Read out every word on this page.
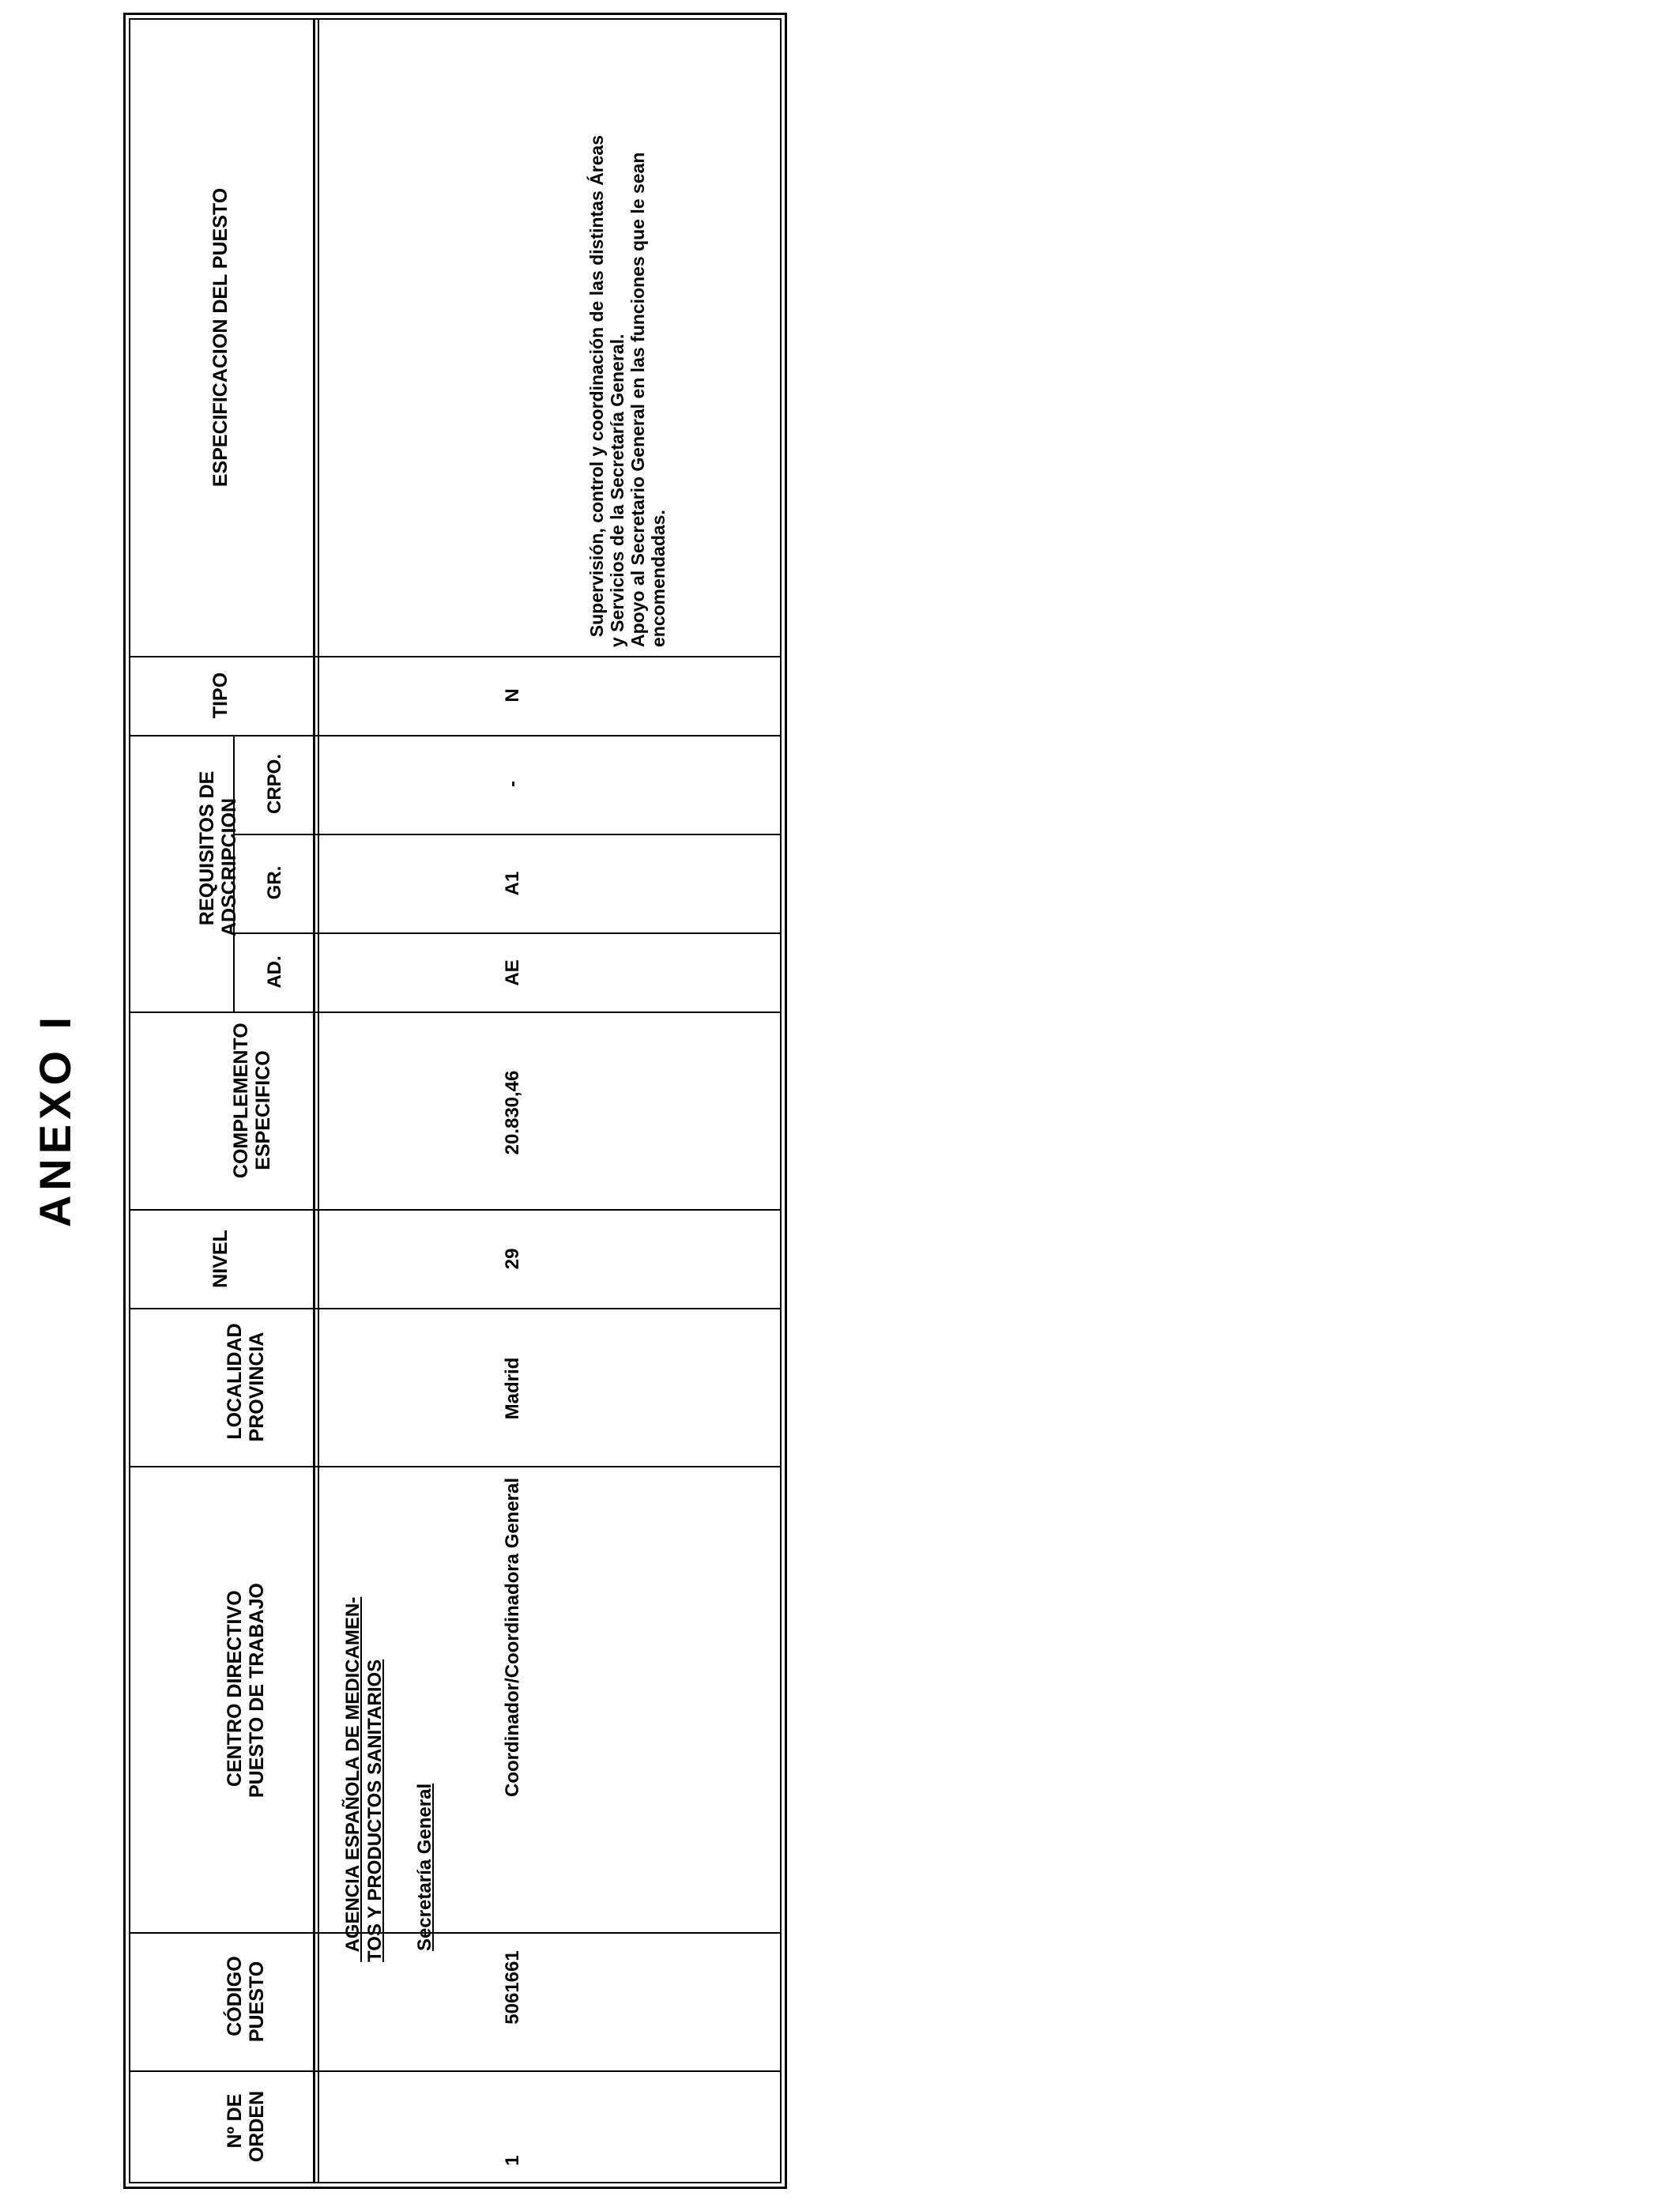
ANEXO I
ESPECIFICACION DEL PUESTO
TIPO

REQUISITOS DE
ADSCRIPCION

CRPO.
GR.
AD.

COMPLEMENTO
ESPECIFICO

NIVEL

LOCALIDAD
PROVINCIA

CENTRO DIRECTIVO
PUESTO DE TRABAJO

CÓDIGO
PUESTO

Nº DE
ORDEN

AGENCIA ESPAÑOLA DE MEDICAMEN-
TOS Y PRODUCTOS SANITARIOS

Secretaría General
1
5061661
Coordinador/Coordinadora General
Madrid
29
20.830,46
AE
A1
-
N

Supervisión, control y coordinación de las distintas Áreas
y Servicios de la Secretaría General.
Apoyo al Secretario General en las funciones que le sean
encomendadas.
